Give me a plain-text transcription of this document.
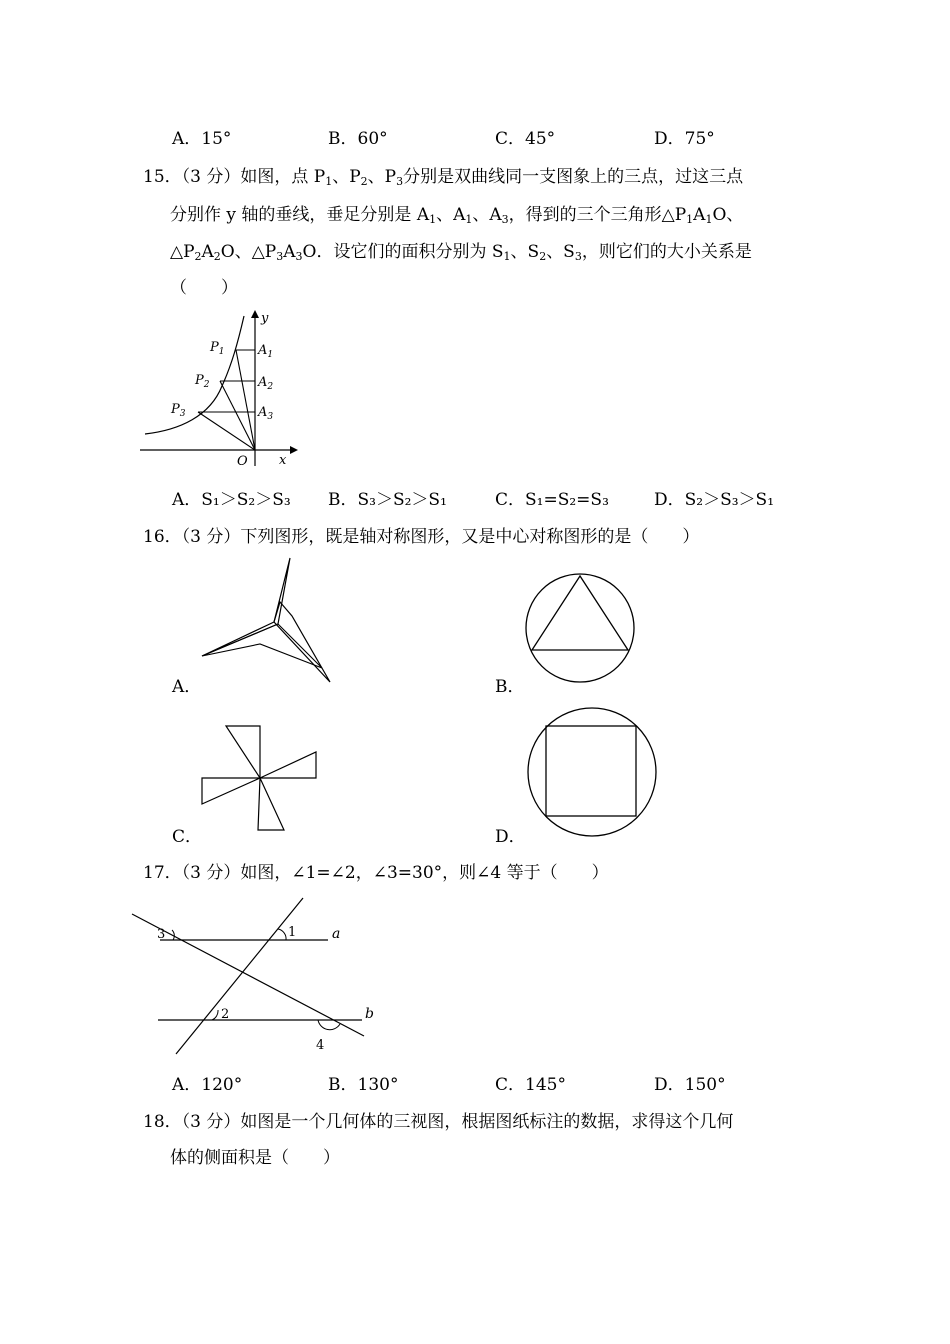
A．15°	B．60°	C．45°	D．75°
15．（3 分）如图，点 $P_1$、$P_2$、$P_3$分别是双曲线同一支图象上的三点，过这三点
分别作 y 轴的垂线，垂足分别是 $A_1$、$A_1$、$A_3$，得到的三个三角形$\triangle P_1A_1O$、
$\triangle P_2A_2O$、$\triangle P_3A_3O$．设它们的面积分别为 $S_1$、$S_2$、$S_3$，则它们的大小关系是
（　　）
y
x
O
$P_1$
$P_2$
$P_3$
$A_1$
$A_2$
$A_3$
A．S₁＞S₂＞S₃ B．S₃＞S₂＞S₁	C．S₁=S₂=S₃	D．S₂＞S₃＞S₁
16．（3 分）下列图形，既是轴对称图形，又是中心对称图形的是（　　）
A．	B．
C．	D．
17．（3 分）如图，∠1=∠2，∠3=30°，则∠4 等于（　　）
3	1
2
4
a
b
A．120°	B．130°	C．145°	D．150°
18．（3 分）如图是一个几何体的三视图，根据图纸标注的数据，求得这个几何
体的侧面积是（　　）
